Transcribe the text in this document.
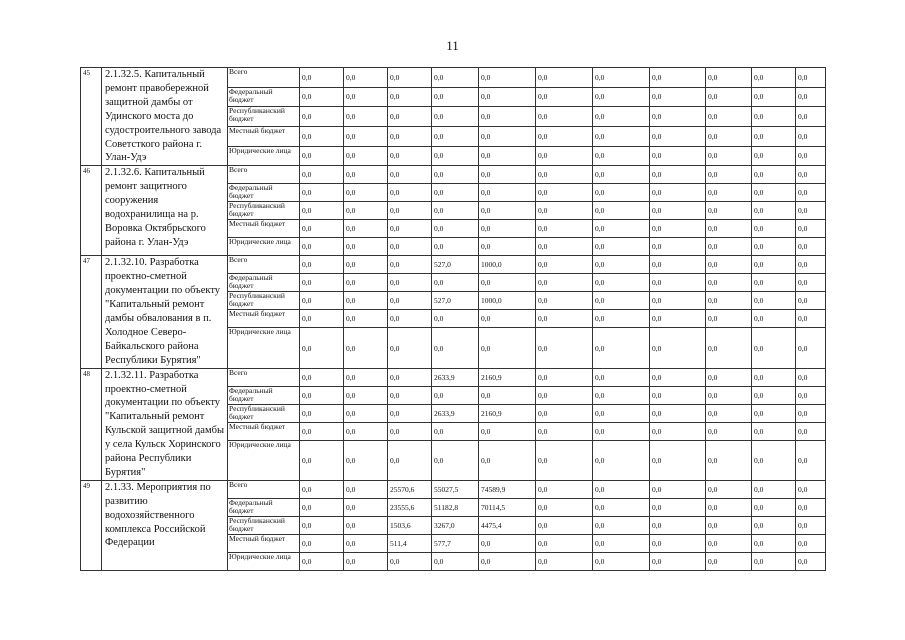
11
45	2.1.32.5. Капитальный ремонт правобережной защитной дамбы от Удинского моста до судостроительного завода Советсткого района г. Улан-Удэ	Всего	0,0	0,0	0,0	0,0	0,0	0,0	0,0	0,0	0,0	0,0	0,0
		Федеральный бюджет	0,0	0,0	0,0	0,0	0,0	0,0	0,0	0,0	0,0	0,0	0,0
		Республиканский бюджет	0,0	0,0	0,0	0,0	0,0	0,0	0,0	0,0	0,0	0,0	0,0
		Местный бюджет	0,0	0,0	0,0	0,0	0,0	0,0	0,0	0,0	0,0	0,0	0,0
		Юридические лица	0,0	0,0	0,0	0,0	0,0	0,0	0,0	0,0	0,0	0,0	0,0
46	2.1.32.6. Капитальный ремонт защитного сооружения водохранилища на р. Воровка Октябрьского района г. Улан-Удэ	Всего	0,0	0,0	0,0	0,0	0,0	0,0	0,0	0,0	0,0	0,0	0,0
		Федеральный бюджет	0,0	0,0	0,0	0,0	0,0	0,0	0,0	0,0	0,0	0,0	0,0
		Республиканский бюджет	0,0	0,0	0,0	0,0	0,0	0,0	0,0	0,0	0,0	0,0	0,0
		Местный бюджет	0,0	0,0	0,0	0,0	0,0	0,0	0,0	0,0	0,0	0,0	0,0
		Юридические лица	0,0	0,0	0,0	0,0	0,0	0,0	0,0	0,0	0,0	0,0	0,0
47	2.1.32.10. Разработка проектно-сметной документации по объекту "Капитальный ремонт дамбы обвалования в п. Холодное Северо-Байкальского района Республики Бурятия"	Всего	0,0	0,0	0,0	527,0	1000,0	0,0	0,0	0,0	0,0	0,0	0,0
		Федеральный бюджет	0,0	0,0	0,0	0,0	0,0	0,0	0,0	0,0	0,0	0,0	0,0
		Республиканский бюджет	0,0	0,0	0,0	527,0	1000,0	0,0	0,0	0,0	0,0	0,0	0,0
		Местный бюджет	0,0	0,0	0,0	0,0	0,0	0,0	0,0	0,0	0,0	0,0	0,0
		Юридические лица	0,0	0,0	0,0	0,0	0,0	0,0	0,0	0,0	0,0	0,0	0,0
48	2.1.32.11. Разработка проектно-сметной документации по объекту "Капитальный ремонт Кульской защитной дамбы у села Кульск Хоринского района Республики Бурятия"	Всего	0,0	0,0	0,0	2633,9	2160,9	0,0	0,0	0,0	0,0	0,0	0,0
		Федеральный бюджет	0,0	0,0	0,0	0,0	0,0	0,0	0,0	0,0	0,0	0,0	0,0
		Республиканский бюджет	0,0	0,0	0,0	2633,9	2160,9	0,0	0,0	0,0	0,0	0,0	0,0
		Местный бюджет	0,0	0,0	0,0	0,0	0,0	0,0	0,0	0,0	0,0	0,0	0,0
		Юридические лица	0,0	0,0	0,0	0,0	0,0	0,0	0,0	0,0	0,0	0,0	0,0
49	2.1.33. Мероприятия по развитию водохозяйственного комплекса Российской Федерации	Всего	0,0	0,0	25570,6	55027,5	74589,9	0,0	0,0	0,0	0,0	0,0	0,0
		Федеральный бюджет	0,0	0,0	23555,6	51182,8	70114,5	0,0	0,0	0,0	0,0	0,0	0,0
		Республиканский бюджет	0,0	0,0	1503,6	3267,0	4475,4	0,0	0,0	0,0	0,0	0,0	0,0
		Местный бюджет	0,0	0,0	511,4	577,7	0,0	0,0	0,0	0,0	0,0	0,0	0,0
		Юридические лица	0,0	0,0	0,0	0,0	0,0	0,0	0,0	0,0	0,0	0,0	0,0
